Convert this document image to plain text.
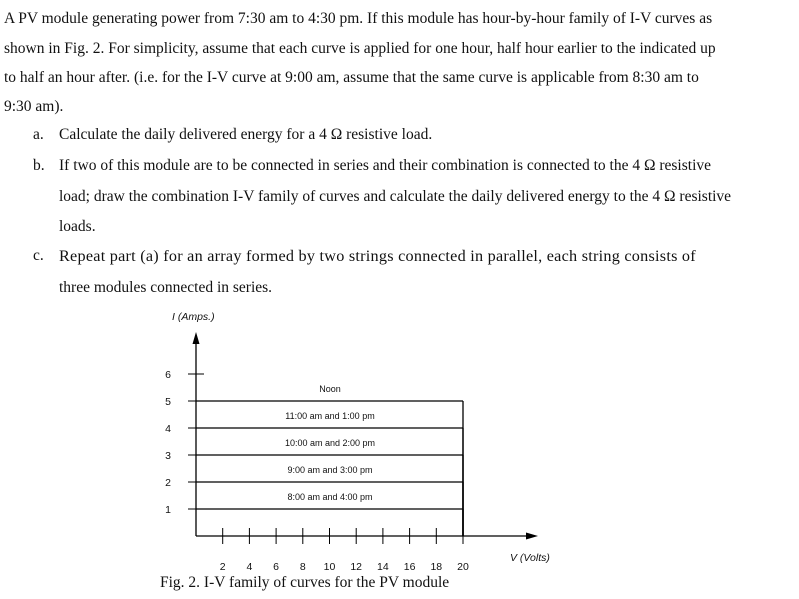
A PV module generating power from 7:30 am to 4:30 pm. If this module has hour-by-hour family of I-V curves as
shown in Fig. 2. For simplicity, assume that each curve is applied for one hour, half hour earlier to the indicated up
to half an hour after. (i.e. for the I-V curve at 9:00 am, assume that the same curve is applicable from 8:30 am to
9:30 am).
a. Calculate the daily delivered energy for a 4 Ω resistive load.
b. If two of this module are to be connected in series and their combination is connected to the 4 Ω resistive
load; draw the combination I-V family of curves and calculate the daily delivered energy to the 4 Ω resistive
loads.
c. Repeat part (a) for an array formed by two strings connected in parallel, each string consists of
three modules connected in series.
8:00 am and 4:00 pm
9:00 am and 3:00 pm
10:00 am and 2:00 pm
11:00 am and 1:00 pm
Noon
2 4 6 8 10 12 14 16 18 20
1
2
3
4
5
6
I (Amps.)
V (Volts)
Fig. 2. I-V family of curves for the PV module
